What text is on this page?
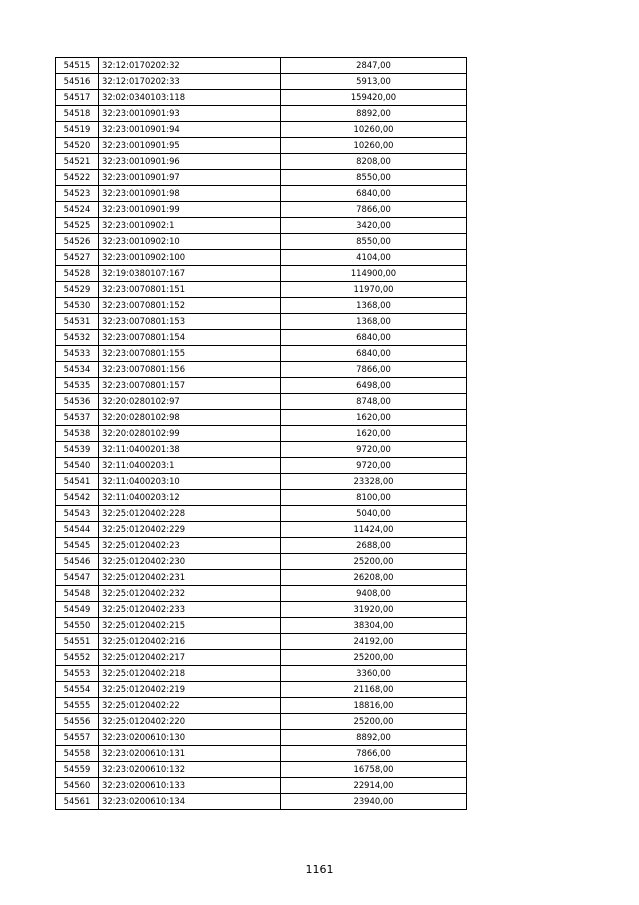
54515	32:12:0170202:32	2847,00
54516	32:12:0170202:33	5913,00
54517	32:02:0340103:118	159420,00
54518	32:23:0010901:93	8892,00
54519	32:23:0010901:94	10260,00
54520	32:23:0010901:95	10260,00
54521	32:23:0010901:96	8208,00
54522	32:23:0010901:97	8550,00
54523	32:23:0010901:98	6840,00
54524	32:23:0010901:99	7866,00
54525	32:23:0010902:1	3420,00
54526	32:23:0010902:10	8550,00
54527	32:23:0010902:100	4104,00
54528	32:19:0380107:167	114900,00
54529	32:23:0070801:151	11970,00
54530	32:23:0070801:152	1368,00
54531	32:23:0070801:153	1368,00
54532	32:23:0070801:154	6840,00
54533	32:23:0070801:155	6840,00
54534	32:23:0070801:156	7866,00
54535	32:23:0070801:157	6498,00
54536	32:20:0280102:97	8748,00
54537	32:20:0280102:98	1620,00
54538	32:20:0280102:99	1620,00
54539	32:11:0400201:38	9720,00
54540	32:11:0400203:1	9720,00
54541	32:11:0400203:10	23328,00
54542	32:11:0400203:12	8100,00
54543	32:25:0120402:228	5040,00
54544	32:25:0120402:229	11424,00
54545	32:25:0120402:23	2688,00
54546	32:25:0120402:230	25200,00
54547	32:25:0120402:231	26208,00
54548	32:25:0120402:232	9408,00
54549	32:25:0120402:233	31920,00
54550	32:25:0120402:215	38304,00
54551	32:25:0120402:216	24192,00
54552	32:25:0120402:217	25200,00
54553	32:25:0120402:218	3360,00
54554	32:25:0120402:219	21168,00
54555	32:25:0120402:22	18816,00
54556	32:25:0120402:220	25200,00
54557	32:23:0200610:130	8892,00
54558	32:23:0200610:131	7866,00
54559	32:23:0200610:132	16758,00
54560	32:23:0200610:133	22914,00
54561	32:23:0200610:134	23940,00
1161
